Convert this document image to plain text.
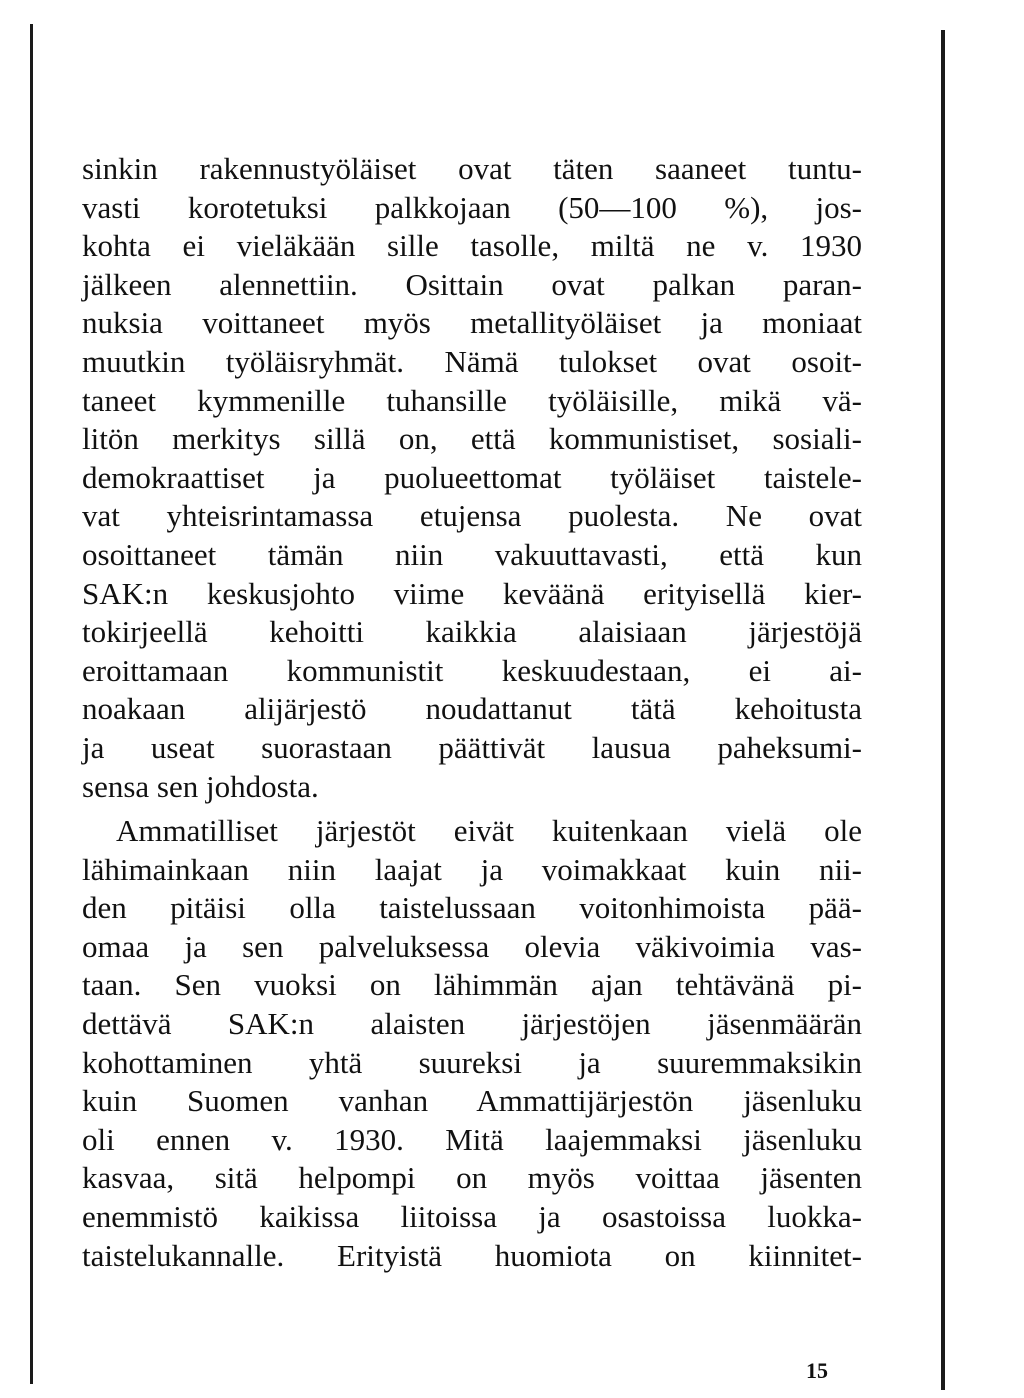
sinkin rakennustyöläiset ovat täten saaneet tuntu-
vasti korotetuksi palkkojaan (50—100 %), jos-
kohta ei vieläkään sille tasolle, miltä ne v. 1930
jälkeen alennettiin. Osittain ovat palkan paran-
nuksia voittaneet myös metallityöläiset ja moniaat
muutkin työläisryhmät. Nämä tulokset ovat osoit-
taneet kymmenille tuhansille työläisille, mikä vä-
litön merkitys sillä on, että kommunistiset, sosiali-
demokraattiset ja puolueettomat työläiset taistele-
vat yhteisrintamassa etujensa puolesta. Ne ovat
osoittaneet tämän niin vakuuttavasti, että kun
SAK:n keskusjohto viime keväänä erityisellä kier-
tokirjeellä kehoitti kaikkia alaisiaan järjestöjä
eroittamaan kommunistit keskuudestaan, ei ai-
noakaan alijärjestö noudattanut tätä kehoitusta
ja useat suorastaan päättivät lausua paheksumi-
sensa sen johdosta.
Ammatilliset järjestöt eivät kuitenkaan vielä ole
lähimainkaan niin laajat ja voimakkaat kuin nii-
den pitäisi olla taistelussaan voitonhimoista pää-
omaa ja sen palveluksessa olevia väkivoimia vas-
taan. Sen vuoksi on lähimmän ajan tehtävänä pi-
dettävä SAK:n alaisten järjestöjen jäsenmäärän
kohottaminen yhtä suureksi ja suuremmaksikin
kuin Suomen vanhan Ammattijärjestön jäsenluku
oli ennen v. 1930. Mitä laajemmaksi jäsenluku
kasvaa, sitä helpompi on myös voittaa jäsenten
enemmistö kaikissa liitoissa ja osastoissa luokka-
taistelukannalle. Erityistä huomiota on kiinnitet-
15
